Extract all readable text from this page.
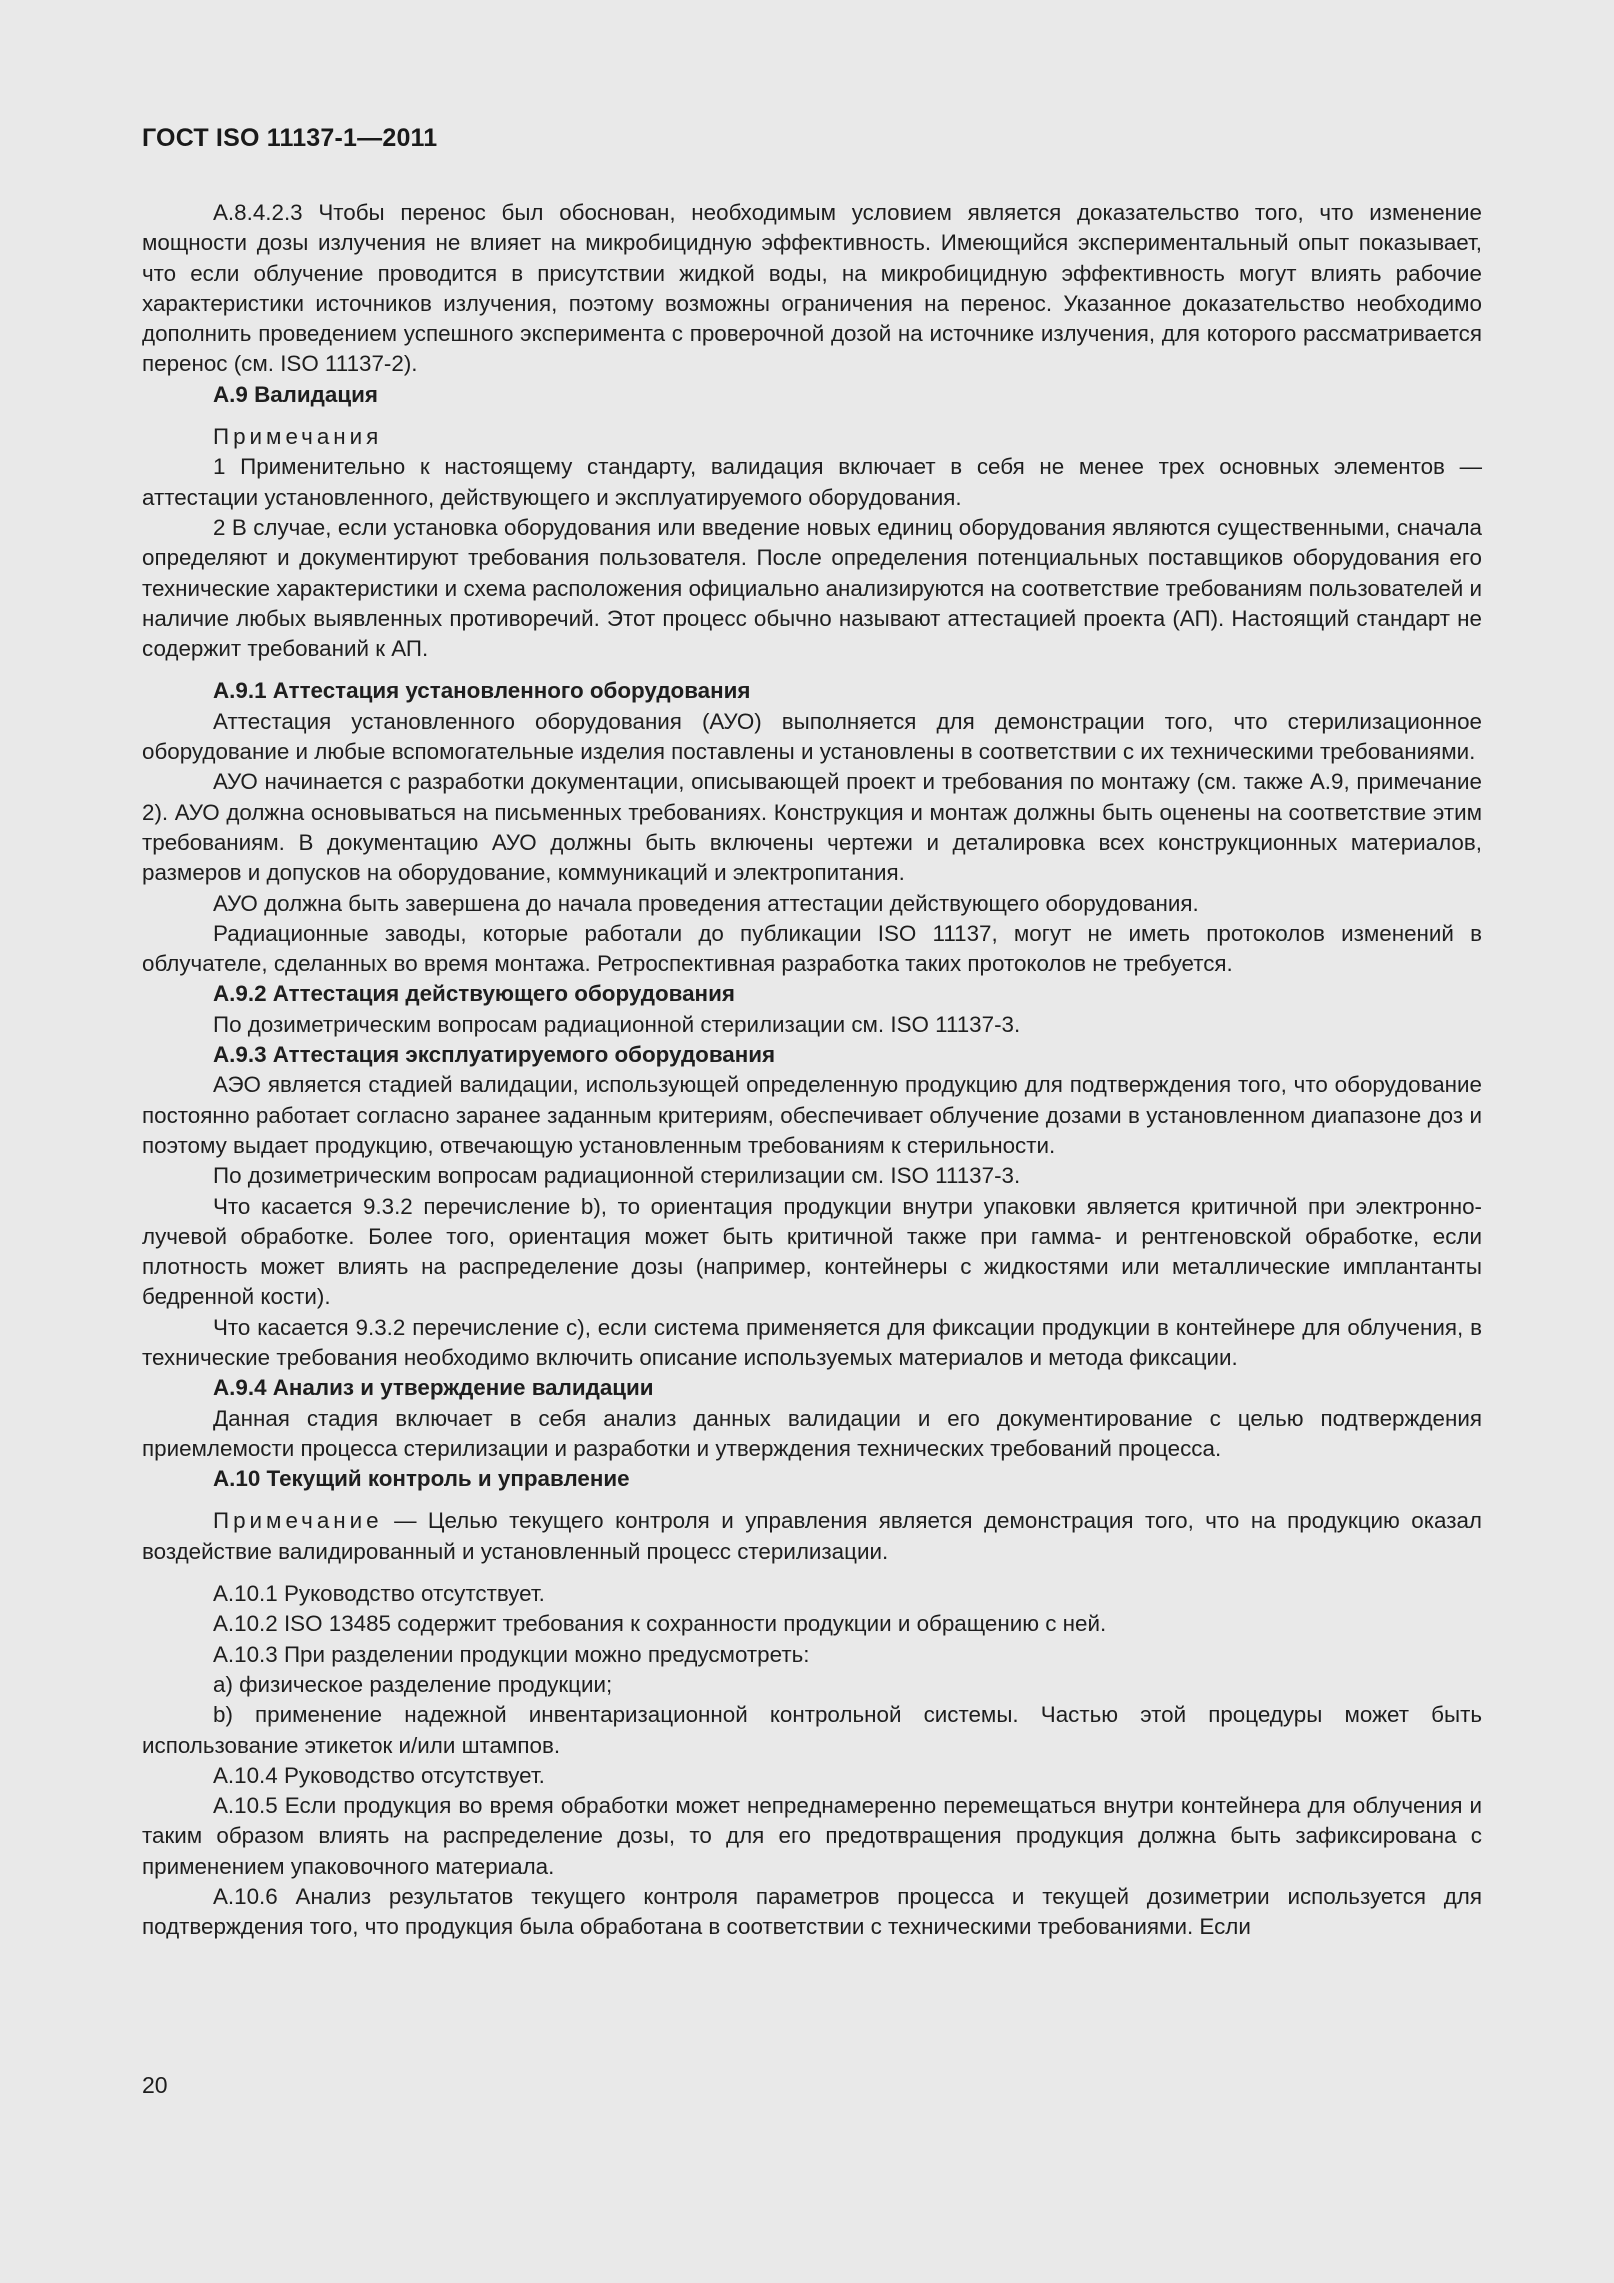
ГОСТ ISO 11137-1—2011

А.8.4.2.3 Чтобы перенос был обоснован, необходимым условием является доказательство того, что изменение мощности дозы излучения не влияет на микробицидную эффективность. Имеющийся экспериментальный опыт показывает, что если облучение проводится в присутствии жидкой воды, на микробицидную эффективность могут влиять рабочие характеристики источников излучения, поэтому возможны ограничения на перенос. Указанное доказательство необходимо дополнить проведением успешного эксперимента с проверочной дозой на источнике излучения, для которого рассматривается перенос (см. ISO 11137-2).

А.9 Валидация

Примечания

1 Применительно к настоящему стандарту, валидация включает в себя не менее трех основных элементов — аттестации установленного, действующего и эксплуатируемого оборудования.

2 В случае, если установка оборудования или введение новых единиц оборудования являются существенными, сначала определяют и документируют требования пользователя. После определения потенциальных поставщиков оборудования его технические характеристики и схема расположения официально анализируются на соответствие требованиям пользователей и наличие любых выявленных противоречий. Этот процесс обычно называют аттестацией проекта (АП). Настоящий стандарт не содержит требований к АП.

А.9.1 Аттестация установленного оборудования

Аттестация установленного оборудования (АУО) выполняется для демонстрации того, что стерилизационное оборудование и любые вспомогательные изделия поставлены и установлены в соответствии с их техническими требованиями.

АУО начинается с разработки документации, описывающей проект и требования по монтажу (см. также А.9, примечание 2). АУО должна основываться на письменных требованиях. Конструкция и монтаж должны быть оценены на соответствие этим требованиям. В документацию АУО должны быть включены чертежи и деталировка всех конструкционных материалов, размеров и допусков на оборудование, коммуникаций и электропитания.

АУО должна быть завершена до начала проведения аттестации действующего оборудования.

Радиационные заводы, которые работали до публикации ISO 11137, могут не иметь протоколов изменений в облучателе, сделанных во время монтажа. Ретроспективная разработка таких протоколов не требуется.

А.9.2 Аттестация действующего оборудования

По дозиметрическим вопросам радиационной стерилизации см. ISO 11137-3.

А.9.3 Аттестация эксплуатируемого оборудования

АЭО является стадией валидации, использующей определенную продукцию для подтверждения того, что оборудование постоянно работает согласно заранее заданным критериям, обеспечивает облучение дозами в установленном диапазоне доз и поэтому выдает продукцию, отвечающую установленным требованиям к стерильности.

По дозиметрическим вопросам радиационной стерилизации см. ISO 11137-3.

Что касается 9.3.2 перечисление b), то ориентация продукции внутри упаковки является критичной при электронно-лучевой обработке. Более того, ориентация может быть критичной также при гамма- и рентгеновской обработке, если плотность может влиять на распределение дозы (например, контейнеры с жидкостями или металлические имплантанты бедренной кости).

Что касается 9.3.2 перечисление с), если система применяется для фиксации продукции в контейнере для облучения, в технические требования необходимо включить описание используемых материалов и метода фиксации.

А.9.4 Анализ и утверждение валидации

Данная стадия включает в себя анализ данных валидации и его документирование с целью подтверждения приемлемости процесса стерилизации и разработки и утверждения технических требований процесса.

А.10 Текущий контроль и управление

Примечание — Целью текущего контроля и управления является демонстрация того, что на продукцию оказал воздействие валидированный и установленный процесс стерилизации.

А.10.1 Руководство отсутствует.

А.10.2 ISO 13485 содержит требования к сохранности продукции и обращению с ней.

А.10.3 При разделении продукции можно предусмотреть:

a) физическое разделение продукции;

b) применение надежной инвентаризационной контрольной системы. Частью этой процедуры может быть использование этикеток и/или штампов.

А.10.4 Руководство отсутствует.

А.10.5 Если продукция во время обработки может непреднамеренно перемещаться внутри контейнера для облучения и таким образом влиять на распределение дозы, то для его предотвращения продукция должна быть зафиксирована с применением упаковочного материала.

А.10.6 Анализ результатов текущего контроля параметров процесса и текущей дозиметрии используется для подтверждения того, что продукция была обработана в соответствии с техническими требованиями. Если

20
